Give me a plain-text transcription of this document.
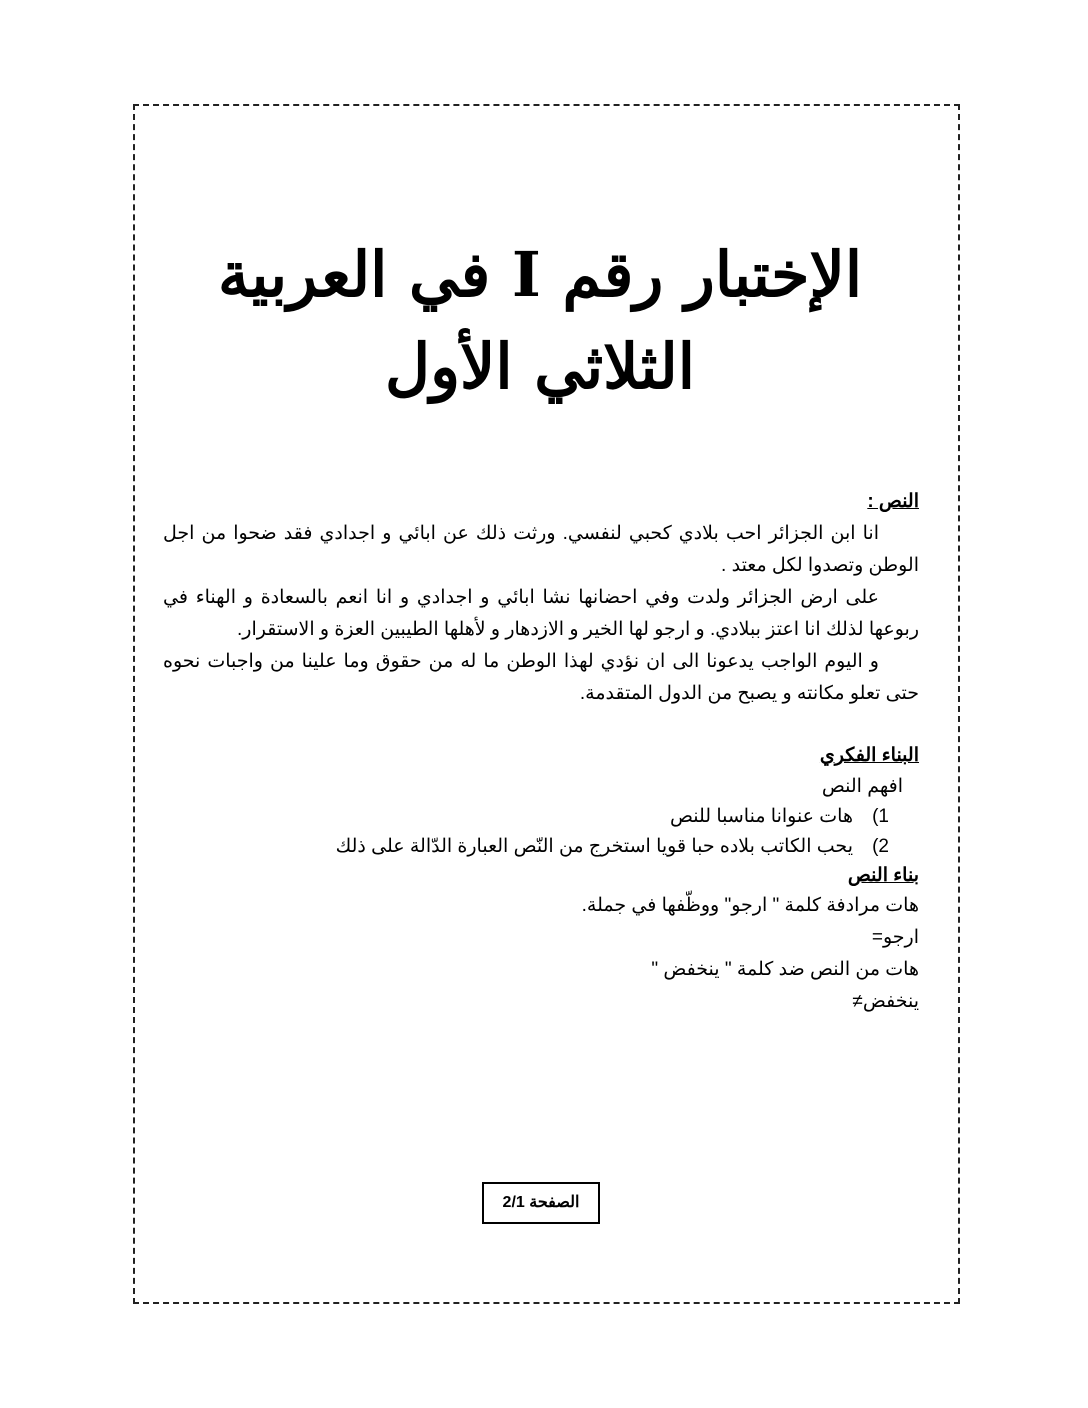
الإختبار رقم I في العربية
الثلاثي الأول

النص :

انا ابن الجزائر احب بلادي كحبي لنفسي. ورثت ذلك عن ابائي و اجدادي فقد ضحوا من اجل الوطن وتصدوا لكل معتد .

على ارض الجزائر ولدت وفي احضانها نشا ابائي و اجدادي و انا انعم بالسعادة و الهناء في ربوعها لذلك انا اعتز ببلادي. و ارجو لها الخير و الازدهار و لأهلها الطيبين العزة و الاستقرار.

و اليوم الواجب يدعونا الى ان نؤدي لهذا الوطن ما له من حقوق وما علينا من واجبات نحوه حتى تعلو مكانته و يصبح من الدول المتقدمة.

البناء الفكري

افهم النص

1)هات عنوانا مناسبا للنص
2)يحب الكاتب بلاده حبا قويا استخرج من النّص العبارة الدّالة على ذلك

بناء النص

هات مرادفة كلمة " ارجو" ووظّفها في جملة.

ارجو=

هات من النص ضد كلمة " ينخفض "

ينخفض≠

الصفحة 2/1
